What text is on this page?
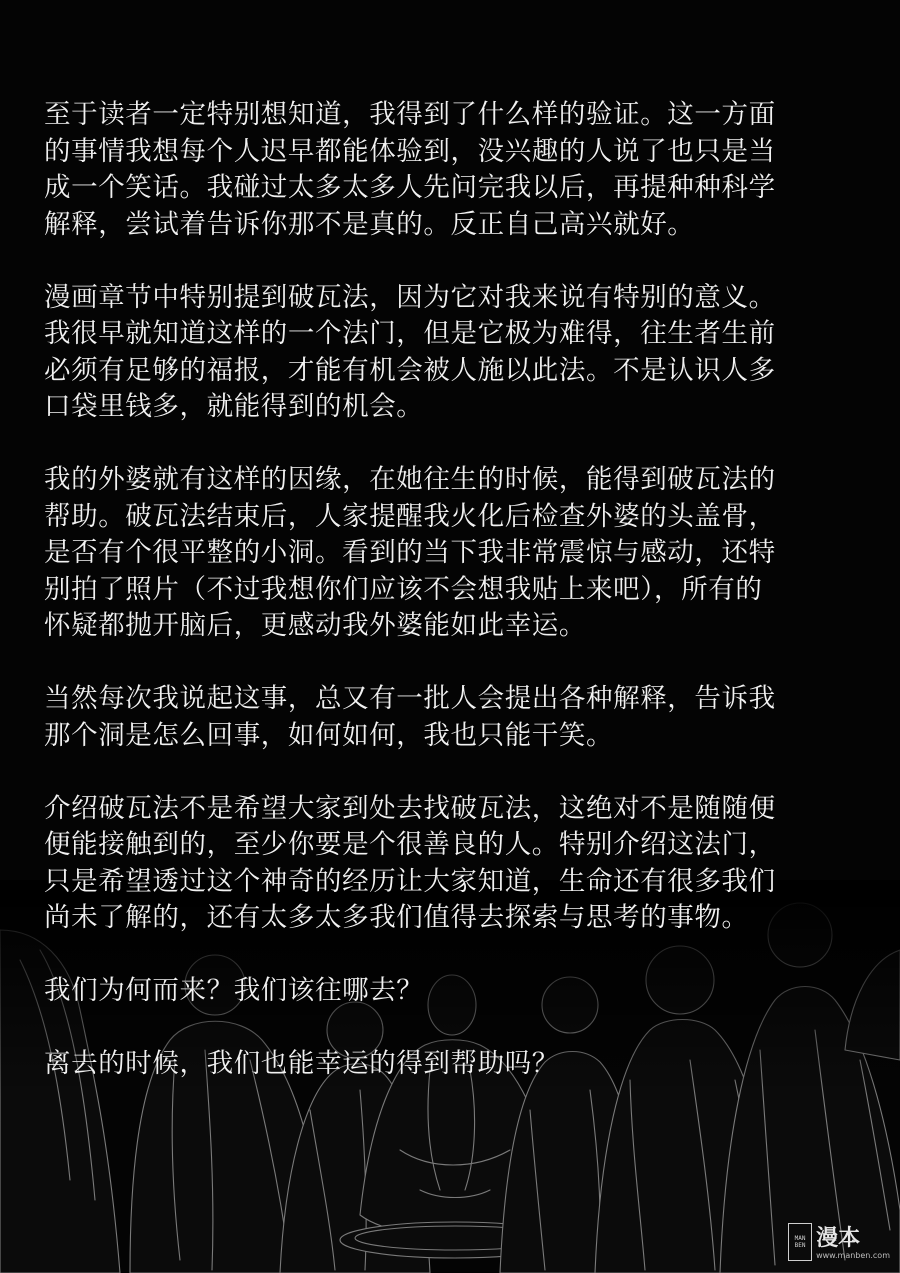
至于读者一定特别想知道，我得到了什么样的验证。这一方面
的事情我想每个人迟早都能体验到，没兴趣的人说了也只是当
成一个笑话。我碰过太多太多人先问完我以后，再提种种科学
解释，尝试着告诉你那不是真的。反正自己高兴就好。

漫画章节中特别提到破瓦法，因为它对我来说有特别的意义。
我很早就知道这样的一个法门，但是它极为难得，往生者生前
必须有足够的福报，才能有机会被人施以此法。不是认识人多
口袋里钱多，就能得到的机会。

我的外婆就有这样的因缘，在她往生的时候，能得到破瓦法的
帮助。破瓦法结束后，人家提醒我火化后检查外婆的头盖骨，
是否有个很平整的小洞。看到的当下我非常震惊与感动，还特
别拍了照片（不过我想你们应该不会想我贴上来吧），所有的
怀疑都抛开脑后，更感动我外婆能如此幸运。

当然每次我说起这事，总又有一批人会提出各种解释，告诉我
那个洞是怎么回事，如何如何，我也只能干笑。

介绍破瓦法不是希望大家到处去找破瓦法，这绝对不是随随便
便能接触到的，至少你要是个很善良的人。特别介绍这法门，
只是希望透过这个神奇的经历让大家知道，生命还有很多我们
尚未了解的，还有太多太多我们值得去探索与思考的事物。

我们为何而来？我们该往哪去？

离去的时候，我们也能幸运的得到帮助吗？

MAN
BEN 漫本
www.manben.com
